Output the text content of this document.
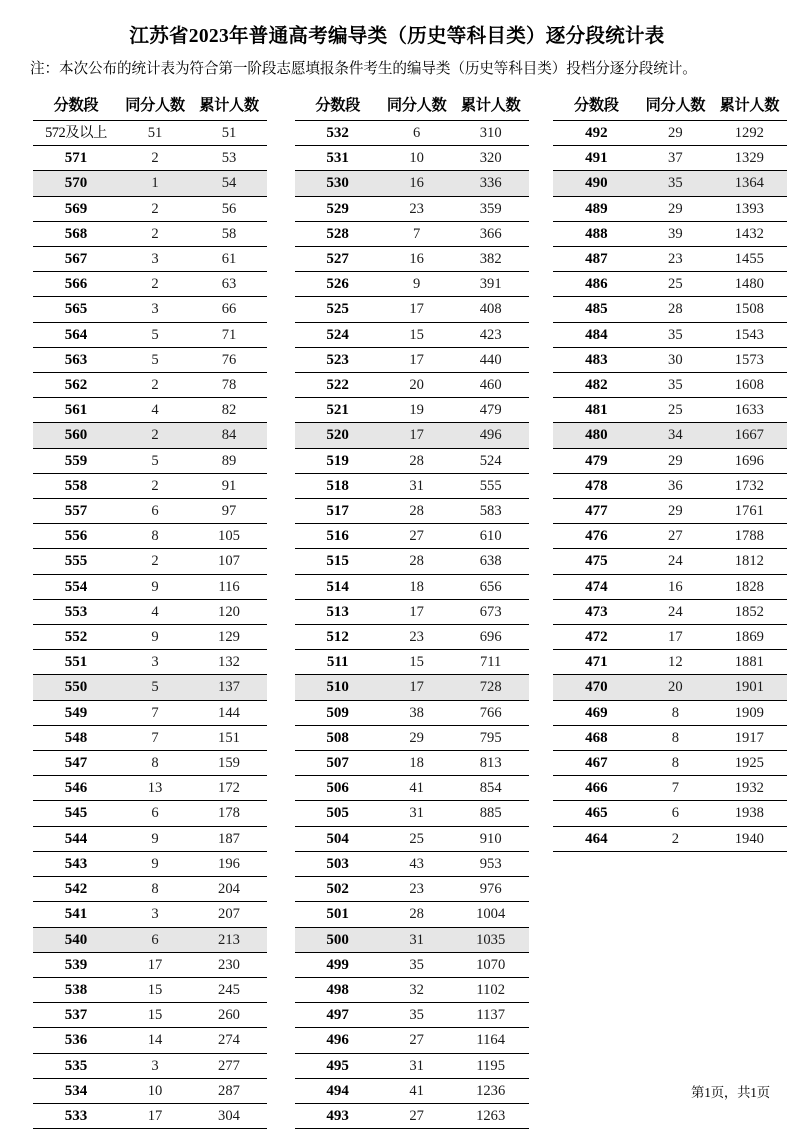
江苏省2023年普通高考编导类（历史等科目类）逐分段统计表

注：本次公布的统计表为符合第一阶段志愿填报条件考生的编导类（历史等科目类）投档分逐分段统计。

分数段	同分人数	累计人数
572及以上	51	51
571	2	53
570	1	54
569	2	56
568	2	58
567	3	61
566	2	63
565	3	66
564	5	71
563	5	76
562	2	78
561	4	82
560	2	84
559	5	89
558	2	91
557	6	97
556	8	105
555	2	107
554	9	116
553	4	120
552	9	129
551	3	132
550	5	137
549	7	144
548	7	151
547	8	159
546	13	172
545	6	178
544	9	187
543	9	196
542	8	204
541	3	207
540	6	213
539	17	230
538	15	245
537	15	260
536	14	274
535	3	277
534	10	287
533	17	304
分数段	同分人数	累计人数
532	6	310
531	10	320
530	16	336
529	23	359
528	7	366
527	16	382
526	9	391
525	17	408
524	15	423
523	17	440
522	20	460
521	19	479
520	17	496
519	28	524
518	31	555
517	28	583
516	27	610
515	28	638
514	18	656
513	17	673
512	23	696
511	15	711
510	17	728
509	38	766
508	29	795
507	18	813
506	41	854
505	31	885
504	25	910
503	43	953
502	23	976
501	28	1004
500	31	1035
499	35	1070
498	32	1102
497	35	1137
496	27	1164
495	31	1195
494	41	1236
493	27	1263
分数段	同分人数	累计人数
492	29	1292
491	37	1329
490	35	1364
489	29	1393
488	39	1432
487	23	1455
486	25	1480
485	28	1508
484	35	1543
483	30	1573
482	35	1608
481	25	1633
480	34	1667
479	29	1696
478	36	1732
477	29	1761
476	27	1788
475	24	1812
474	16	1828
473	24	1852
472	17	1869
471	12	1881
470	20	1901
469	8	1909
468	8	1917
467	8	1925
466	7	1932
465	6	1938
464	2	1940
第1页，共1页
